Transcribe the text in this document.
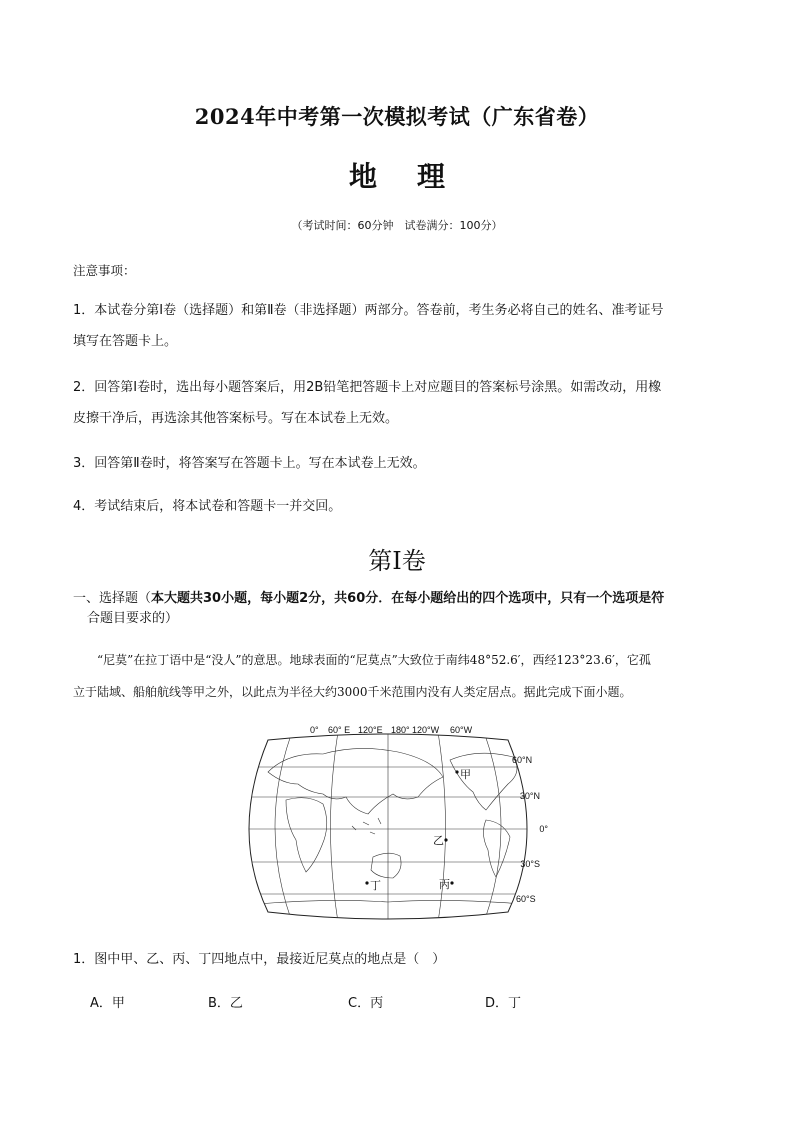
2024年中考第一次模拟考试（广东省卷）
地 理
（考试时间：60分钟　试卷满分：100分）
注意事项：
1．本试卷分第Ⅰ卷（选择题）和第Ⅱ卷（非选择题）两部分。答卷前，考生务必将自己的姓名、准考证号
填写在答题卡上。
2．回答第Ⅰ卷时，选出每小题答案后，用2B铅笔把答题卡上对应题目的答案标号涂黑。如需改动，用橡
皮擦干净后，再选涂其他答案标号。写在本试卷上无效。
3．回答第Ⅱ卷时，将答案写在答题卡上。写在本试卷上无效。
4．考试结束后，将本试卷和答题卡一并交回。
第Ⅰ卷
一、选择题（本大题共30小题，每小题2分，共60分．在每小题给出的四个选项中，只有一个选项是符
合题目要求的）
“尼莫”在拉丁语中是“没人”的意思。地球表面的“尼莫点”大致位于南纬48°52.6′，西经123°23.6′，它孤
立于陆域、船舶航线等甲之外，以此点为半径大约3000千米范围内没有人类定居点。据此完成下面小题。
0° 60° E 120°E 180° 120°W 60°W
60°N
30°N
0°
30°S
60°S
甲
乙
丙
丁
1．图中甲、乙、丙、丁四地点中，最接近尼莫点的地点是（　）
A．甲	B．乙	C．丙	D．丁
